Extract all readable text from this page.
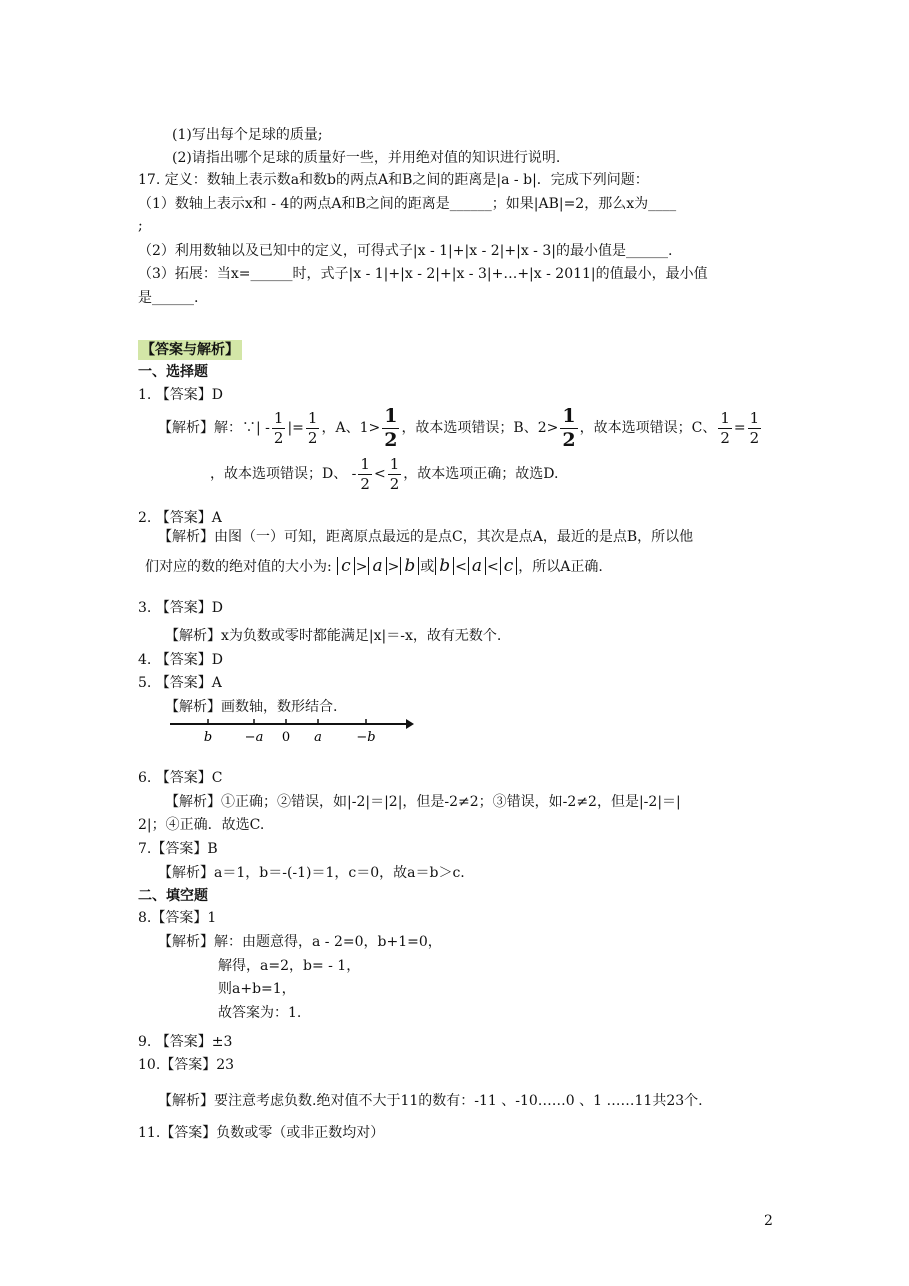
(1)写出每个足球的质量;
(2)请指出哪个足球的质量好一些，并用绝对值的知识进行说明.
17. 定义：数轴上表示数a和数b的两点A和B之间的距离是|a - b|．完成下列问题：
（1）数轴上表示x和 - 4的两点A和B之间的距离是______；如果|AB|=2，那么x为____
;
（2）利用数轴以及已知中的定义，可得式子|x - 1|+|x - 2|+|x - 3|的最小值是______.
（3）拓展：当x=______时，式子|x - 1|+|x - 2|+|x - 3|+…+|x - 2011|的值最小，最小值
是______.
【答案与解析】
一、选择题
1. 【答案】D
【解析】解：∵| - $\frac{1}{2}$ |= $\frac{1}{2}$ ，A、$1> \frac{1}{2}$ ，故本选项错误；B、$2> \frac{1}{2}$ ，故本选项错误；C、 $\frac{1}{2} = \frac{1}{2}$
，故本选项错误；D、 - $\frac{1}{2} < \frac{1}{2}$ ，故本选项正确；故选D.
2. 【答案】A
【解析】由图（一）可知，距离原点最远的是点C，其次是点A，最近的是点B，所以他
们对应的数的绝对值的大小为: c > a > b 或 b < a < c ，所以A正确.
3. 【答案】D
【解析】x为负数或零时都能满足|x|＝-x，故有无数个.
4. 【答案】D
5. 【答案】A
【解析】画数轴，数形结合.
b	−a 0 a	−b
6. 【答案】C
【解析】①正确；②错误，如|-2|＝|2|，但是-2≠2；③错误，如-2≠2，但是|-2|＝|
2|；④正确．故选C.
7.【答案】B
【解析】a＝1，b＝-(-1)＝1，c＝0，故a＝b＞c.
二、填空题
8.【答案】1
【解析】解：由题意得，a - 2=0，b+1=0，
解得，a=2，b= - 1，
则a+b=1，
故答案为：1.
9. 【答案】±3
10.【答案】23
【解析】要注意考虑负数.绝对值不大于11的数有：-11 、-10……0 、1 ……11共23个.
11.【答案】负数或零（或非正数均对）
2
